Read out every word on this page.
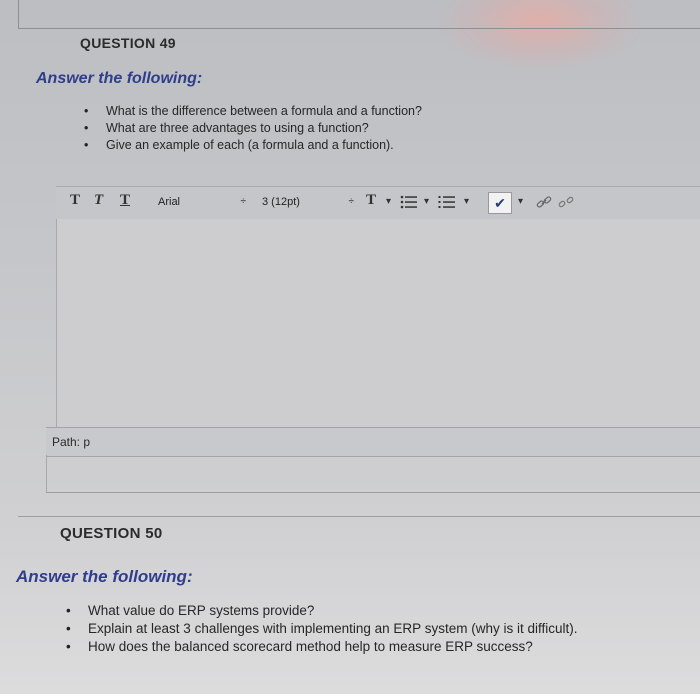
QUESTION 49
Answer the following:
• What is the difference between a formula and a function?
• What are three advantages to using a function?
• Give an example of each (a formula and a function).
T T T	Arial	÷ 3 (12pt)	÷ T ▾	▾	▾	✔	▾
Path: p
QUESTION 50
Answer the following:
• What value do ERP systems provide?
• Explain at least 3 challenges with implementing an ERP system (why is it difficult).
• How does the balanced scorecard method help to measure ERP success?
